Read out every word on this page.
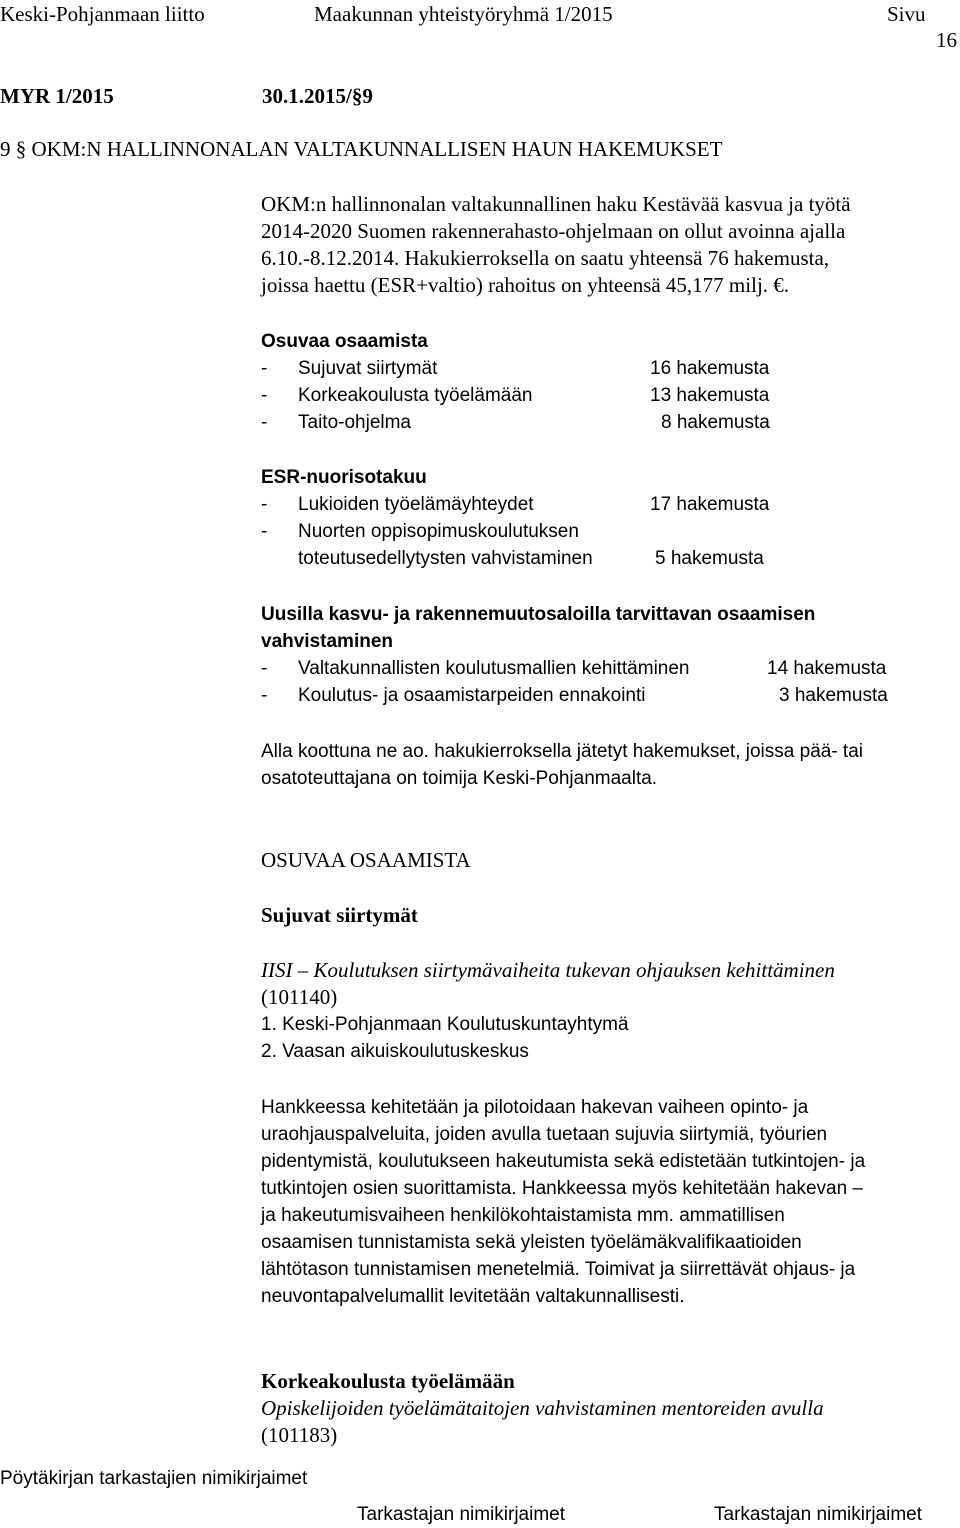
Keski-Pohjanmaan liitto	Maakunnan yhteistyöryhmä 1/2015	Sivu
16
MYR 1/2015	30.1.2015/§9
9 § OKM:N HALLINNONALAN VALTAKUNNALLISEN HAUN HAKEMUKSET
OKM:n hallinnonalan valtakunnallinen haku Kestävää kasvua ja työtä
2014-2020 Suomen rakennerahasto-ohjelmaan on ollut avoinna ajalla
6.10.-8.12.2014. Hakukierroksella on saatu yhteensä 76 hakemusta,
joissa haettu (ESR+valtio) rahoitus on yhteensä 45,177 milj. €.
Osuvaa osaamista
- Sujuvat siirtymät	16 hakemusta
- Korkeakoulusta työelämään	13 hakemusta
- Taito-ohjelma	8 hakemusta
ESR-nuorisotakuu
- Lukioiden työelämäyhteydet	17 hakemusta
- Nuorten oppisopimuskoulutuksen
toteutusedellytysten vahvistaminen	5 hakemusta
Uusilla kasvu- ja rakennemuutosaloilla tarvittavan osaamisen
vahvistaminen
- Valtakunnallisten koulutusmallien kehittäminen	14 hakemusta
- Koulutus- ja osaamistarpeiden ennakointi	3 hakemusta
Alla koottuna ne ao. hakukierroksella jätetyt hakemukset, joissa pää- tai
osatoteuttajana on toimija Keski-Pohjanmaalta.
OSUVAA OSAAMISTA
Sujuvat siirtymät
IISI – Koulutuksen siirtymävaiheita tukevan ohjauksen kehittäminen
(101140)
1. Keski-Pohjanmaan Koulutuskuntayhtymä
2. Vaasan aikuiskoulutuskeskus
Hankkeessa kehitetään ja pilotoidaan hakevan vaiheen opinto- ja
uraohjauspalveluita, joiden avulla tuetaan sujuvia siirtymiä, työurien
pidentymistä, koulutukseen hakeutumista sekä edistetään tutkintojen- ja
tutkintojen osien suorittamista. Hankkeessa myös kehitetään hakevan –
ja hakeutumisvaiheen henkilökohtaistamista mm. ammatillisen
osaamisen tunnistamista sekä yleisten työelämäkvalifikaatioiden
lähtötason tunnistamisen menetelmiä. Toimivat ja siirrettävät ohjaus- ja
neuvontapalvelumallit levitetään valtakunnallisesti.
Korkeakoulusta työelämään
Opiskelijoiden työelämätaitojen vahvistaminen mentoreiden avulla
(101183)
Pöytäkirjan tarkastajien nimikirjaimet
Tarkastajan nimikirjaimet	Tarkastajan nimikirjaimet
